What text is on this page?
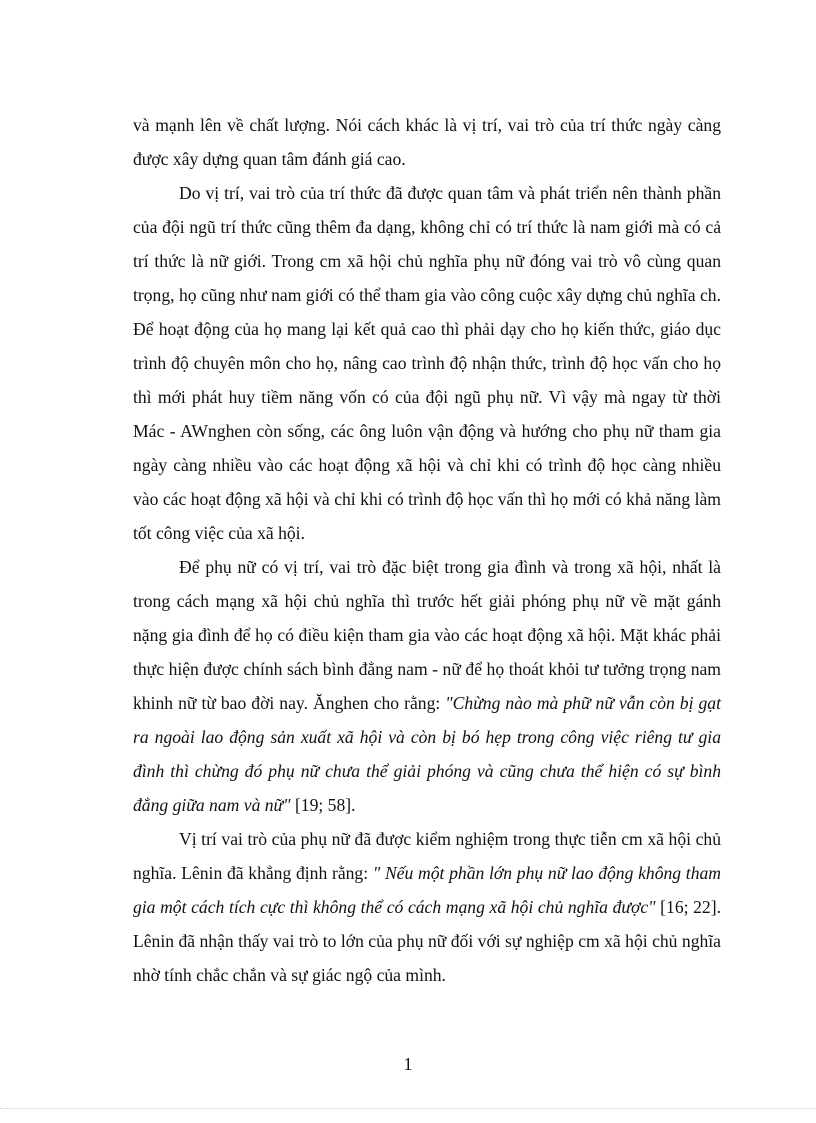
và mạnh lên về chất lượng. Nói cách khác là vị trí, vai trò của trí thức ngày càng được xây dựng quan tâm đánh giá cao.

Do vị trí, vai trò của trí thức đã được quan tâm và phát triển nên thành phần của đội ngũ trí thức cũng thêm đa dạng, không chỉ có trí thức là nam giới mà có cả trí thức là nữ giới. Trong cm xã hội chủ nghĩa phụ nữ đóng vai trò vô cùng quan trọng, họ cũng như nam giới có thể tham gia vào công cuộc xây dựng chủ nghĩa ch. Để hoạt động của họ mang lại kết quả cao thì phải dạy cho họ kiến thức, giáo dục trình độ chuyên môn cho họ, nâng cao trình độ nhận thức, trình độ học vấn cho họ thì mới phát huy tiềm năng vốn có của đội ngũ phụ nữ. Vì vậy mà ngay từ thời Mác - AWnghen còn sống, các ông luôn vận động và hướng cho phụ nữ tham gia ngày càng nhiều vào các hoạt động xã hội và chỉ khi có trình độ học càng nhiều vào các hoạt động xã hội và chỉ khi có trình độ học vấn thì họ mới có khả năng làm tốt công việc của xã hội.

Để phụ nữ có vị trí, vai trò đặc biệt trong gia đình và trong xã hội, nhất là trong cách mạng xã hội chủ nghĩa thì trước hết giải phóng phụ nữ về mặt gánh nặng gia đình để họ có điều kiện tham gia vào các hoạt động xã hội. Mặt khác phải thực hiện được chính sách bình đẳng nam - nữ để họ thoát khỏi tư tưởng trọng nam khinh nữ từ bao đời nay. Ănghen cho rằng: "Chừng nào mà phữ nữ vẫn còn bị gạt ra ngoài lao động sản xuất xã hội và còn bị bó hẹp trong công việc riêng tư gia đình thì chừng đó phụ nữ chưa thể giải phóng và cũng chưa thể hiện có sự bình đẳng giữa nam và nữ" [19; 58].

Vị trí vai trò của phụ nữ đã được kiểm nghiệm trong thực tiễn cm xã hội chủ nghĩa. Lênin đã khẳng định rằng: " Nếu một phần lớn phụ nữ lao động không tham gia một cách tích cực thì không thể có cách mạng xã hội chủ nghĩa được" [16; 22]. Lênin đã nhận thấy vai trò to lớn của phụ nữ đối với sự nghiệp cm xã hội chủ nghĩa nhờ tính chắc chắn và sự giác ngộ của mình.

1
